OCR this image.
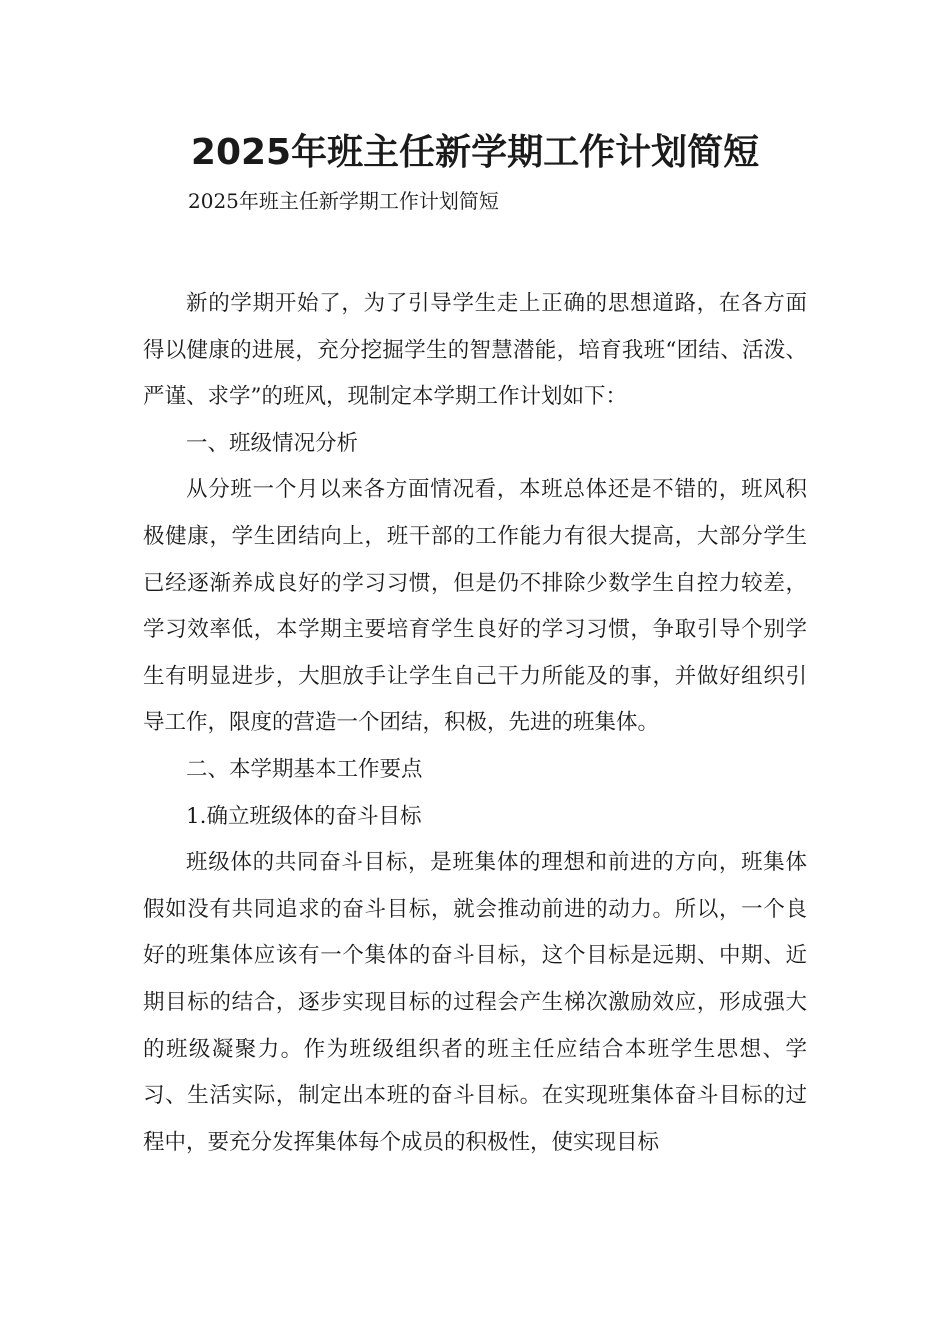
2025年班主任新学期工作计划简短

2025年班主任新学期工作计划简短

新的学期开始了，为了引导学生走上正确的思想道路，在各方面得以健康的进展，充分挖掘学生的智慧潜能，培育我班“团结、活泼、严谨、求学”的班风，现制定本学期工作计划如下：

一、班级情况分析

从分班一个月以来各方面情况看，本班总体还是不错的，班风积极健康，学生团结向上，班干部的工作能力有很大提高，大部分学生已经逐渐养成良好的学习习惯，但是仍不排除少数学生自控力较差，学习效率低，本学期主要培育学生良好的学习习惯，争取引导个别学生有明显进步，大胆放手让学生自己干力所能及的事，并做好组织引导工作，限度的营造一个团结，积极，先进的班集体。

二、本学期基本工作要点

1.确立班级体的奋斗目标

班级体的共同奋斗目标，是班集体的理想和前进的方向，班集体假如没有共同追求的奋斗目标，就会推动前进的动力。所以，一个良好的班集体应该有一个集体的奋斗目标，这个目标是远期、中期、近期目标的结合，逐步实现目标的过程会产生梯次激励效应，形成强大的班级凝聚力。作为班级组织者的班主任应结合本班学生思想、学习、生活实际，制定出本班的奋斗目标。在实现班集体奋斗目标的过程中，要充分发挥集体每个成员的积极性，使实现目标
